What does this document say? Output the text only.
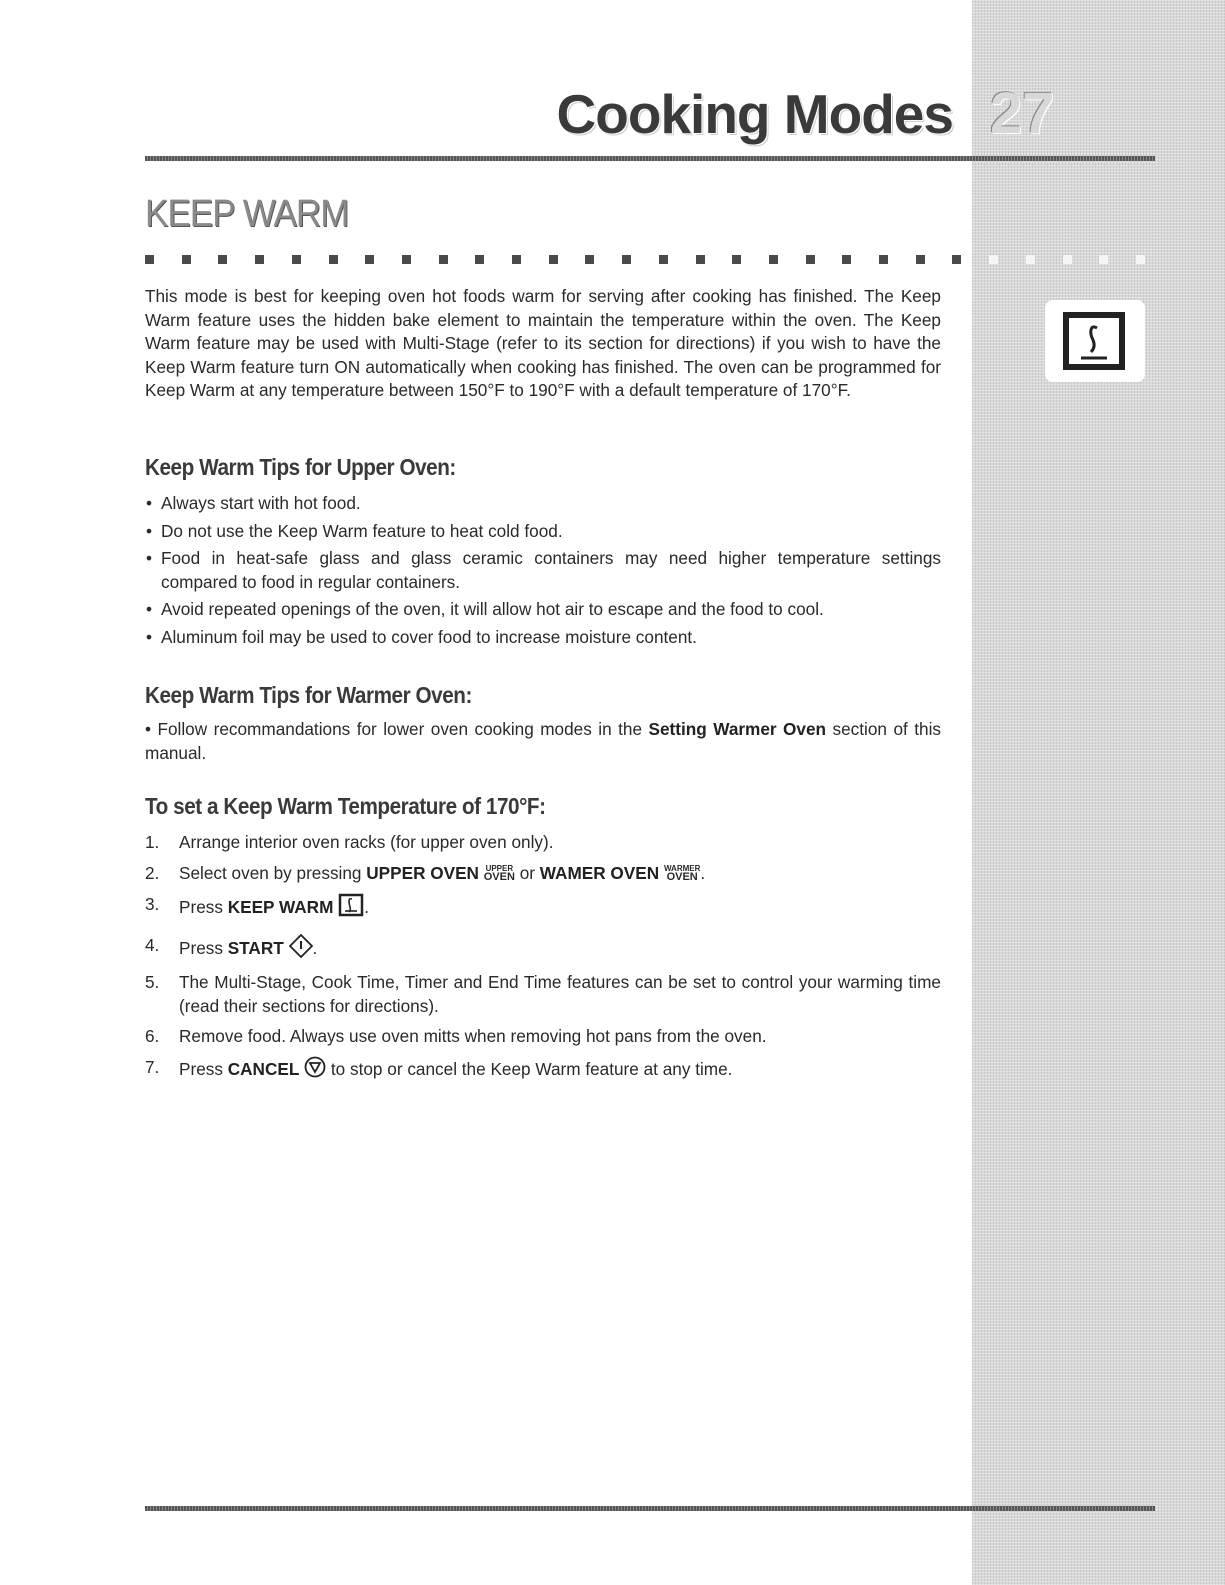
Cooking Modes 27
KEEP WARM

This mode is best for keeping oven hot foods warm for serving after cooking has finished. The Keep Warm feature uses the hidden bake element to maintain the temperature within the oven. The Keep Warm feature may be used with Multi-Stage (refer to its section for directions) if you wish to have the Keep Warm feature turn ON automatically when cooking has finished. The oven can be programmed for Keep Warm at any temperature between 150°F to 190°F with a default temperature of 170°F.

Keep Warm Tips for Upper Oven:
• Always start with hot food.
• Do not use the Keep Warm feature to heat cold food.
• Food in heat-safe glass and glass ceramic containers may need higher temperature settings compared to food in regular containers.
• Avoid repeated openings of the oven, it will allow hot air to escape and the food to cool.
• Aluminum foil may be used to cover food to increase moisture content.
Keep Warm Tips for Warmer Oven:

• Follow recommandations for lower oven cooking modes in the Setting Warmer Oven section of this manual.

To set a Keep Warm Temperature of 170°F:
1. Arrange interior oven racks (for upper oven only).
2. Select oven by pressing UPPER OVEN UPPER
OVEN or WAMER OVEN WARMER
OVEN .
3. Press KEEP WARM .
4. Press START .
5. The Multi-Stage, Cook Time, Timer and End Time features can be set to control your warming time (read their sections for directions).
6. Remove food. Always use oven mitts when removing hot pans from the oven.
7. Press CANCEL  to stop or cancel the Keep Warm feature at any time.
